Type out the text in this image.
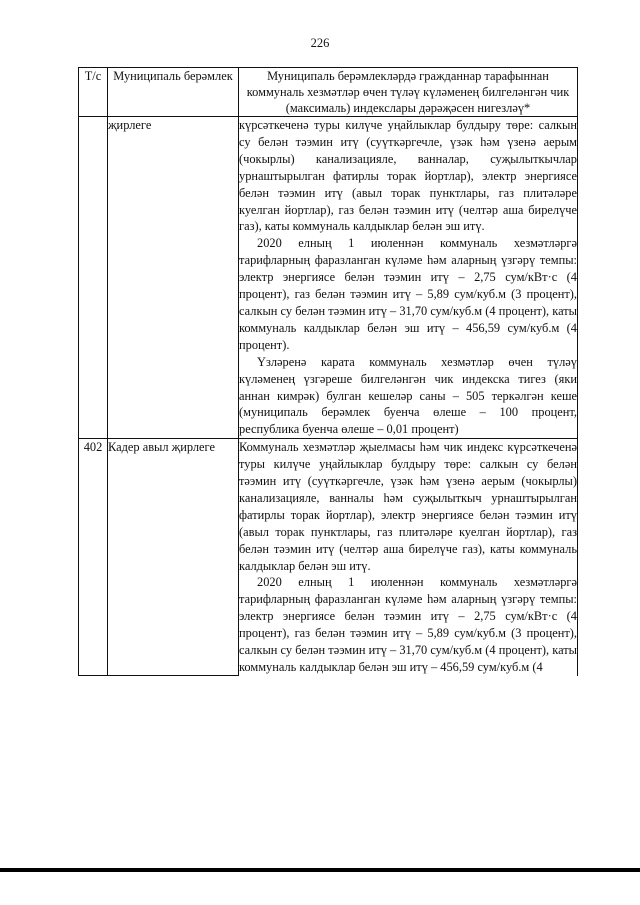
226
Т/с	Муниципаль берәмлек	Муниципаль берәмлекләрдә гражданнар тарафыннан коммуналь хезмәтләр өчен түләү күләменең билгеләнгән чик (максималь) индекслары дәрәҗәсен нигезләү*
	җирлеге	күрсәткеченә туры килүче уңайлыклар булдыру төре: салкын су белән тәэмин итү (суүткәргечле, үзәк һәм үзенә аерым (чокырлы) канализацияле, ванналар, суҗылыткычлар урнаштырылган фатирлы торак йортлар), электр энергиясе белән тәэмин итү (авыл торак пунктлары, газ плитәләре куелган йортлар), газ белән тәэмин итү (челтәр аша бирелүче газ), каты коммуналь калдыклар белән эш итү.

2020 елның 1 июленнән коммуналь хезмәтләргә тарифларның фаразланган күләме һәм аларның үзгәрү темпы: электр энергиясе белән тәэмин итү – 2,75 сум/кВт·с (4 процент), газ белән тәэмин итү – 5,89 сум/куб.м (3 процент), салкын су белән тәэмин итү – 31,70 сум/куб.м (4 процент), каты коммуналь калдыклар белән эш итү – 456,59 сум/куб.м (4 процент).

Үзләренә карата коммуналь хезмәтләр өчен түләү күләменең үзгәреше билгеләнгән чик индекска тигез (яки аннан кимрәк) булган кешеләр саны – 505 теркәлгән кеше (муниципаль берәмлек буенча өлеше – 100 процент, республика буенча өлеше – 0,01 процент)

402	Кадер авыл җирлеге	Коммуналь хезмәтләр җыелмасы һәм чик индекс күрсәткеченә туры килүче уңайлыклар булдыру төре: салкын су белән тәэмин итү (суүткәргечле, үзәк һәм үзенә аерым (чокырлы) канализацияле, ванналы һәм суҗылыткыч урнаштырылган фатирлы торак йортлар), электр энергиясе белән тәэмин итү (авыл торак пунктлары, газ плитәләре куелган йортлар), газ белән тәэмин итү (челтәр аша бирелүче газ), каты коммуналь калдыклар белән эш итү.

2020 елның 1 июленнән коммуналь хезмәтләргә тарифларның фаразланган күләме һәм аларның үзгәрү темпы: электр энергиясе белән тәэмин итү – 2,75 сум/кВт·с (4 процент), газ белән тәэмин итү – 5,89 сум/куб.м (3 процент), салкын су белән тәэмин итү – 31,70 сум/куб.м (4 процент), каты коммуналь калдыклар белән эш итү – 456,59 сум/куб.м (4
